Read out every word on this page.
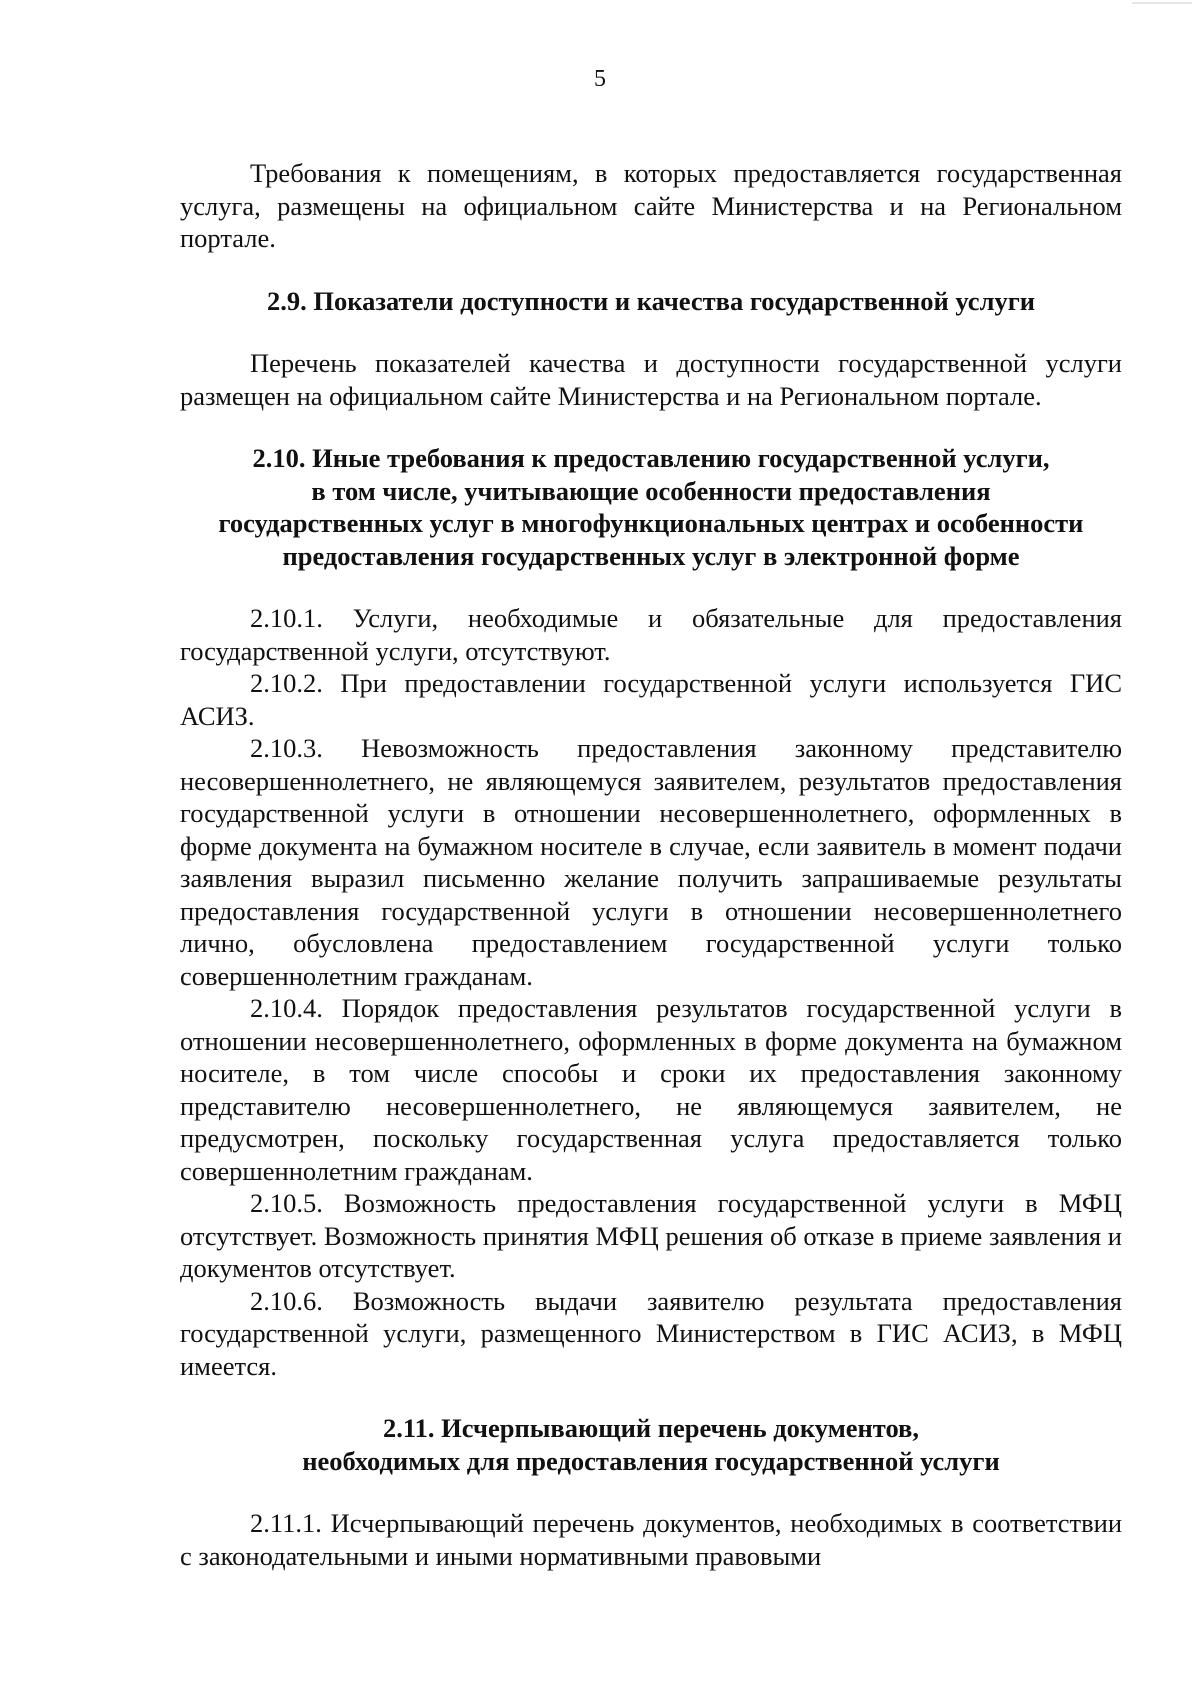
5

Требования к помещениям, в которых предоставляется государственная услуга, размещены на официальном сайте Министерства и на Региональном портале.

2.9. Показатели доступности и качества государственной услуги

Перечень показателей качества и доступности государственной услуги размещен на официальном сайте Министерства и на Региональном портале.

2.10. Иные требования к предоставлению государственной услуги,
в том числе, учитывающие особенности предоставления
государственных услуг в многофункциональных центрах и особенности
предоставления государственных услуг в электронной форме

2.10.1. Услуги, необходимые и обязательные для предоставления государственной услуги, отсутствуют.

2.10.2. При предоставлении государственной услуги используется ГИС АСИЗ.

2.10.3. Невозможность предоставления законному представителю несовершеннолетнего, не являющемуся заявителем, результатов предоставления государственной услуги в отношении несовершеннолетнего, оформленных в форме документа на бумажном носителе в случае, если заявитель в момент подачи заявления выразил письменно желание получить запрашиваемые результаты предоставления государственной услуги в отношении несовершеннолетнего лично, обусловлена предоставлением государственной услуги только совершеннолетним гражданам.

2.10.4. Порядок предоставления результатов государственной услуги в отношении несовершеннолетнего, оформленных в форме документа на бумажном носителе, в том числе способы и сроки их предоставления законному представителю несовершеннолетнего, не являющемуся заявителем, не предусмотрен, поскольку государственная услуга предоставляется только совершеннолетним гражданам.

2.10.5. Возможность предоставления государственной услуги в МФЦ отсутствует. Возможность принятия МФЦ решения об отказе в приеме заявления и документов отсутствует.

2.10.6. Возможность выдачи заявителю результата предоставления государственной услуги, размещенного Министерством в ГИС АСИЗ, в МФЦ имеется.

2.11. Исчерпывающий перечень документов,
необходимых для предоставления государственной услуги

2.11.1. Исчерпывающий перечень документов, необходимых в соответствии с законодательными и иными нормативными правовыми
